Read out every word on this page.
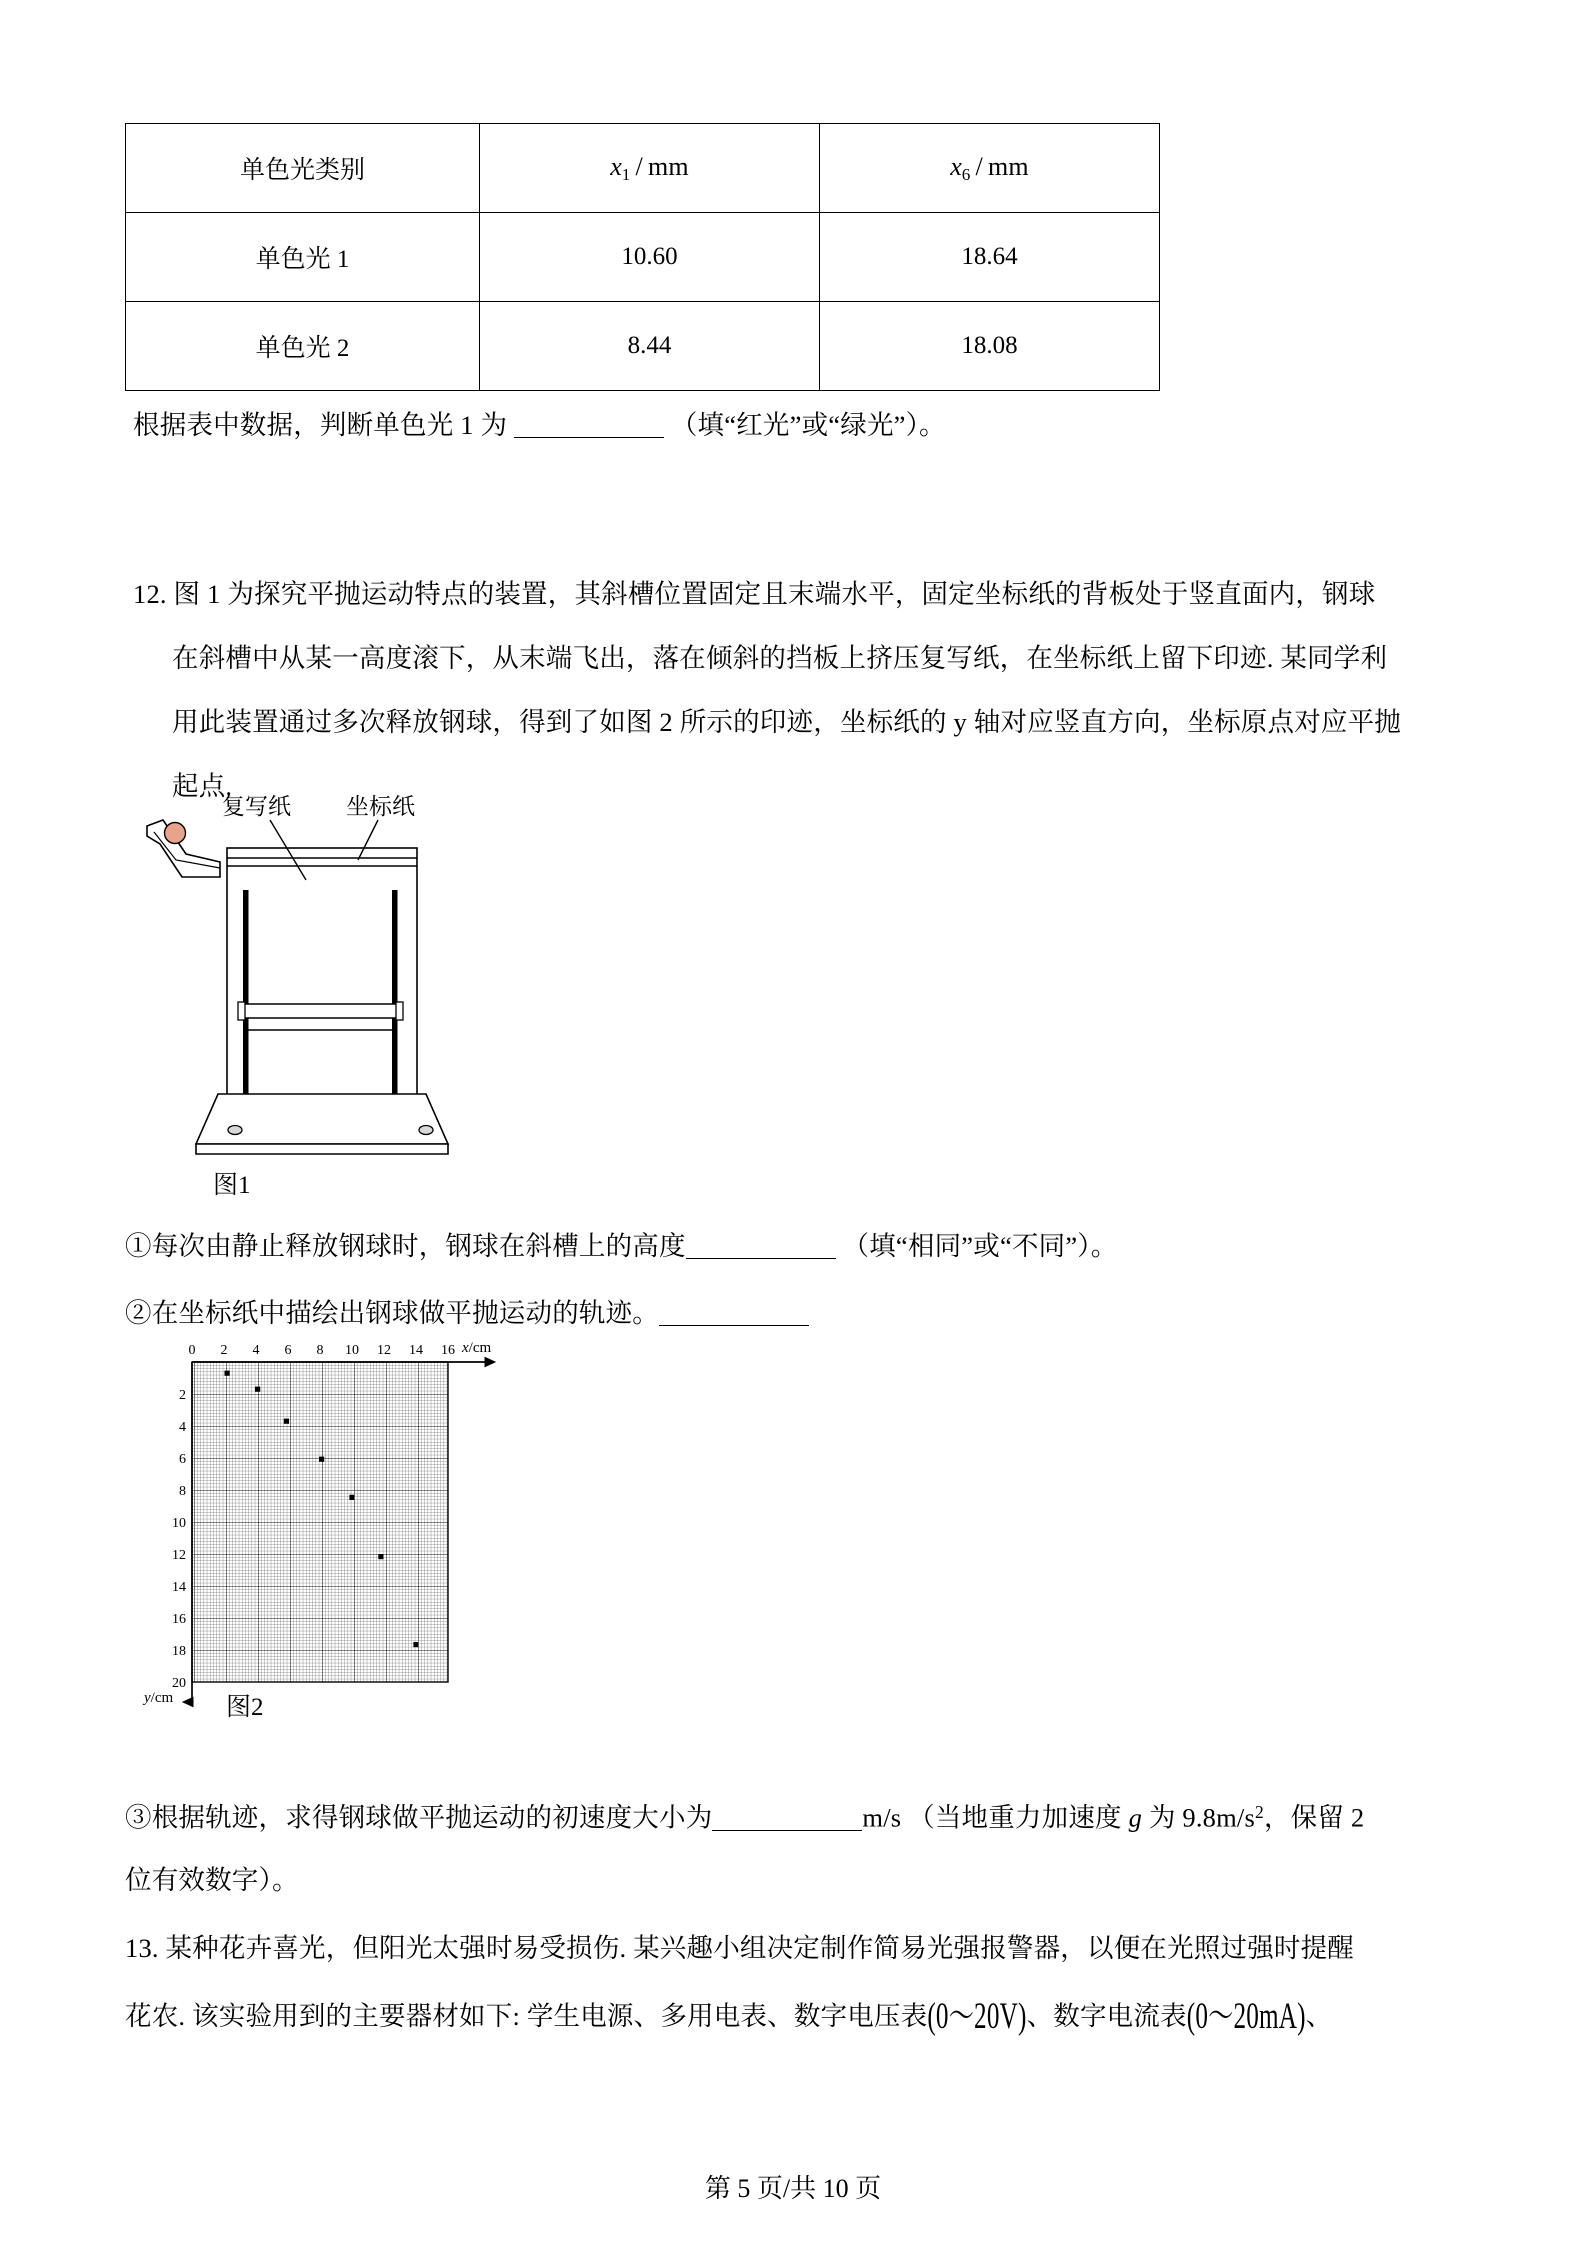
单色光类别	$x_1$ / mm	$x_6$ / mm
单色光 1	10.60	18.64
单色光 2	8.44	18.08
根据表中数据，判断单色光 1 为	（填“红光”或“绿光”）。
12. 图 1 为探究平抛运动特点的装置，其斜槽位置固定且末端水平，固定坐标纸的背板处于竖直面内，钢球
在斜槽中从某一高度滚下，从末端飞出，落在倾斜的挡板上挤压复写纸，在坐标纸上留下印迹. 某同学利
用此装置通过多次释放钢球，得到了如图 2 所示的印迹，坐标纸的 y 轴对应竖直方向，坐标原点对应平抛
起点.
复写纸 坐标纸
图1
①每次由静止释放钢球时，钢球在斜槽上的高度	（填“相同”或“不同”）。
②在坐标纸中描绘出钢球做平抛运动的轨迹。
0 2 4 6 8 10 12 14 16
2
4
6
8
10
12
14
16
18
20
x/cm
y/cm 图2
③根据轨迹，求得钢球做平抛运动的初速度大小为	m/s （当地重力加速度 g 为 $9.8m/s^2$，保留 2
位有效数字）。
13. 某种花卉喜光，但阳光太强时易受损伤. 某兴趣小组决定制作简易光强报警器，以便在光照过强时提醒
花农. 该实验用到的主要器材如下: 学生电源、多用电表、数字电压表(0～20V)、数字电流表(0～20mA)、
第 5 页/共 10 页
